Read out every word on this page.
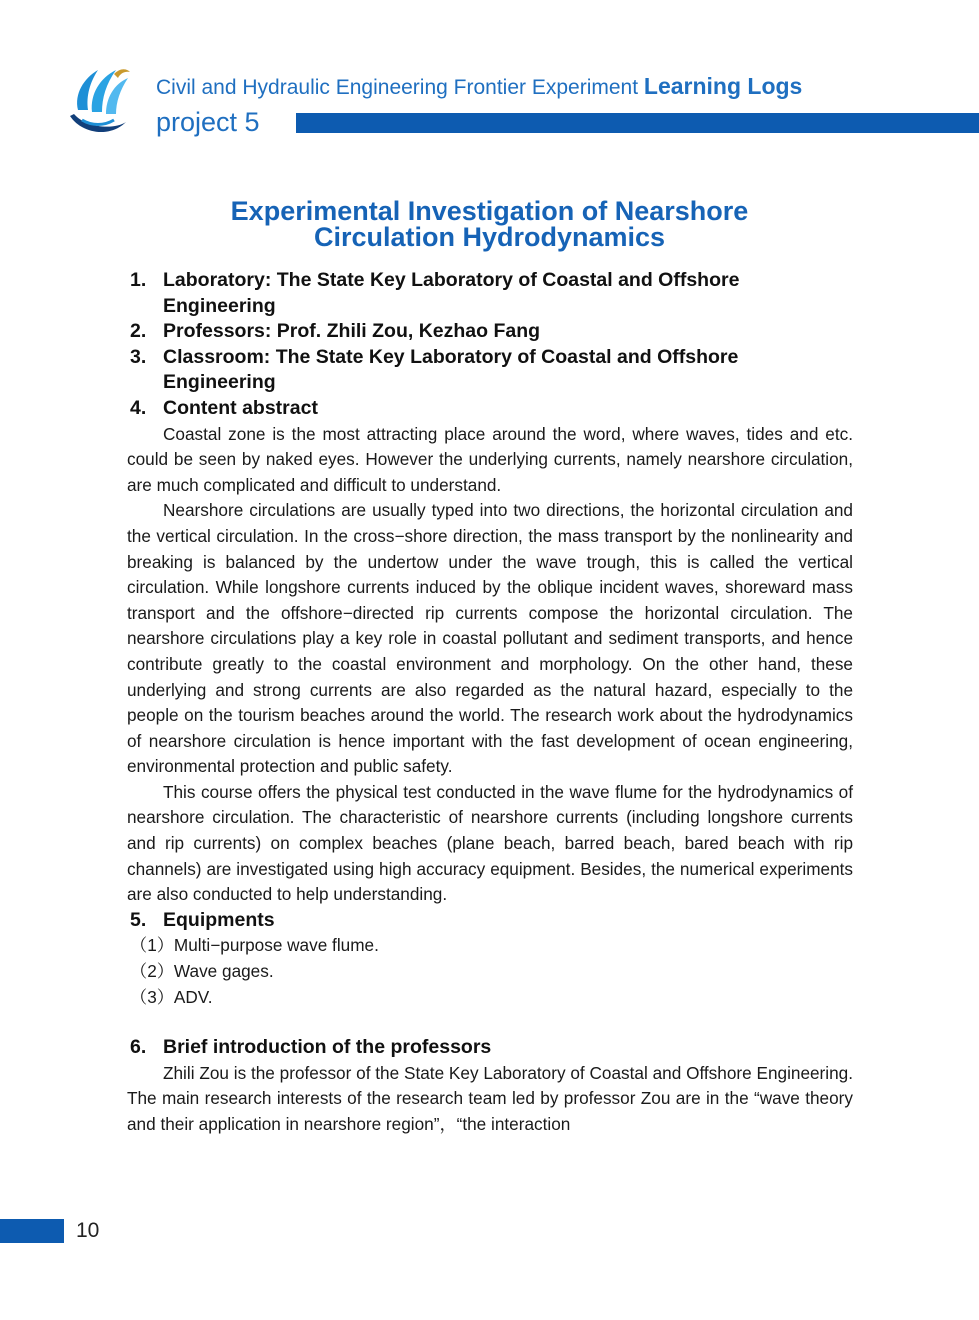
Civil and Hydraulic Engineering Frontier Experiment Learning Logs
project 5
Experimental Investigation of Nearshore
Circulation Hydrodynamics
1. Laboratory: The State Key Laboratory of Coastal and Offshore Engineering
2. Professors: Prof. Zhili Zou, Kezhao Fang
3. Classroom: The State Key Laboratory of Coastal and Offshore Engineering
4. Content abstract

Coastal zone is the most attracting place around the word, where waves, tides and etc. could be seen by naked eyes. However the underlying currents, namely nearshore circulation, are much complicated and difficult to understand.

Nearshore circulations are usually typed into two directions, the horizontal circulation and the vertical circulation. In the cross−shore direction, the mass transport by the nonlinearity and breaking is balanced by the undertow under the wave trough, this is called the vertical circulation. While longshore currents induced by the oblique incident waves, shoreward mass transport and the offshore−directed rip currents compose the horizontal circulation. The nearshore circulations play a key role in coastal pollutant and sediment transports, and hence contribute greatly to the coastal environment and morphology. On the other hand, these underlying and strong currents are also regarded as the natural hazard, especially to the people on the tourism beaches around the world. The research work about the hydrodynamics of nearshore circulation is hence important with the fast development of ocean engineering, environmental protection and public safety.

This course offers the physical test conducted in the wave flume for the hydrodynamics of nearshore circulation. The characteristic of nearshore currents (including longshore currents and rip currents) on complex beaches (plane beach, barred beach, bared beach with rip channels) are investigated using high accuracy equipment. Besides, the numerical experiments are also conducted to help understanding.

5. Equipments
（1）Multi−purpose wave flume.
（2）Wave gages.
（3）ADV.
6. Brief introduction of the professors

Zhili Zou is the professor of the State Key Laboratory of Coastal and Offshore Engineering. The main research interests of the research team led by professor Zou are in the “wave theory and their application in nearshore region”，“the interaction

10
